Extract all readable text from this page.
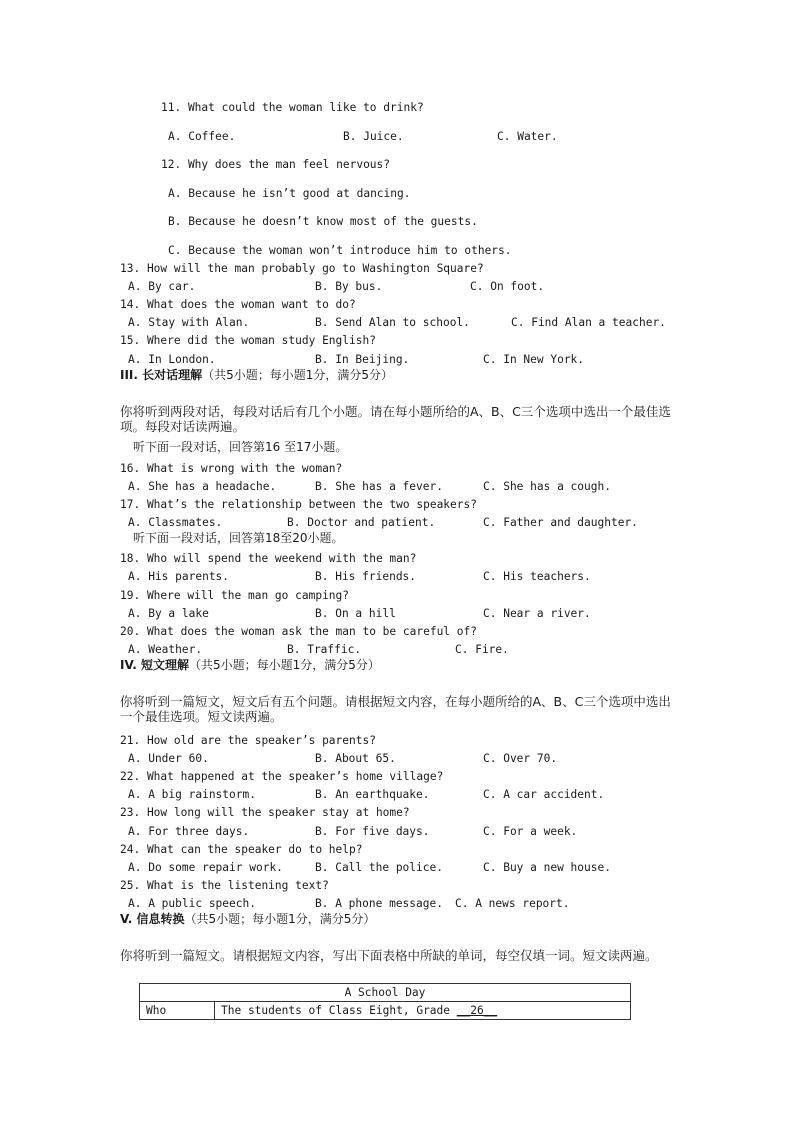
11. What could the woman like to drink?
A. Coffee.	B. Juice.	C. Water.
12. Why does the man feel nervous?
A. Because he isn’t good at dancing.
B. Because he doesn’t know most of the guests.
C. Because the woman won’t introduce him to others.
13. How will the man probably go to Washington Square?
A. By car.	B. By bus.	C. On foot.
14. What does the woman want to do?
A. Stay with Alan.	B. Send Alan to school.	C. Find Alan a teacher.
15. Where did the woman study English?
A. In London.	B. In Beijing.	C. In New York.
III. 长对话理解（共5小题；每小题1分，满分5分）
你将听到两段对话，每段对话后有几个小题。请在每小题所给的A、B、C三个选项中选出一个最佳选项。每段对话读两遍。
听下面一段对话，回答第16 至17小题。
16. What is wrong with the woman?
A. She has a headache.	B. She has a fever.	C. She has a cough.
17. What’s the relationship between the two speakers?
A. Classmates.	B. Doctor and patient.	C. Father and daughter.
听下面一段对话，回答第18至20小题。
18. Who will spend the weekend with the man?
A. His parents.	B. His friends.	C. His teachers.
19. Where will the man go camping?
A. By a lake	B. On a hill	C. Near a river.
20. What does the woman ask the man to be careful of?
A. Weather.	B. Traffic.	C. Fire.
IV. 短文理解（共5小题；每小题1分，满分5分）
你将听到一篇短文，短文后有五个问题。请根据短文内容，在每小题所给的A、B、C三个选项中选出一个最佳选项。短文读两遍。
21. How old are the speaker’s parents?
A. Under 60.	B. About 65.	C. Over 70.
22. What happened at the speaker’s home village?
A. A big rainstorm.	B. An earthquake.	C. A car accident.
23. How long will the speaker stay at home?
A. For three days.	B. For five days.	C. For a week.
24. What can the speaker do to help?
A. Do some repair work.	B. Call the police.	C. Buy a new house.
25. What is the listening text?
A. A public speech.	B. A phone message. C. A news report.
V. 信息转换（共5小题；每小题1分，满分5分）
你将听到一篇短文。请根据短文内容，写出下面表格中所缺的单词，每空仅填一词。短文读两遍。
A School Day
Who	The students of Class Eight, Grade __26__
